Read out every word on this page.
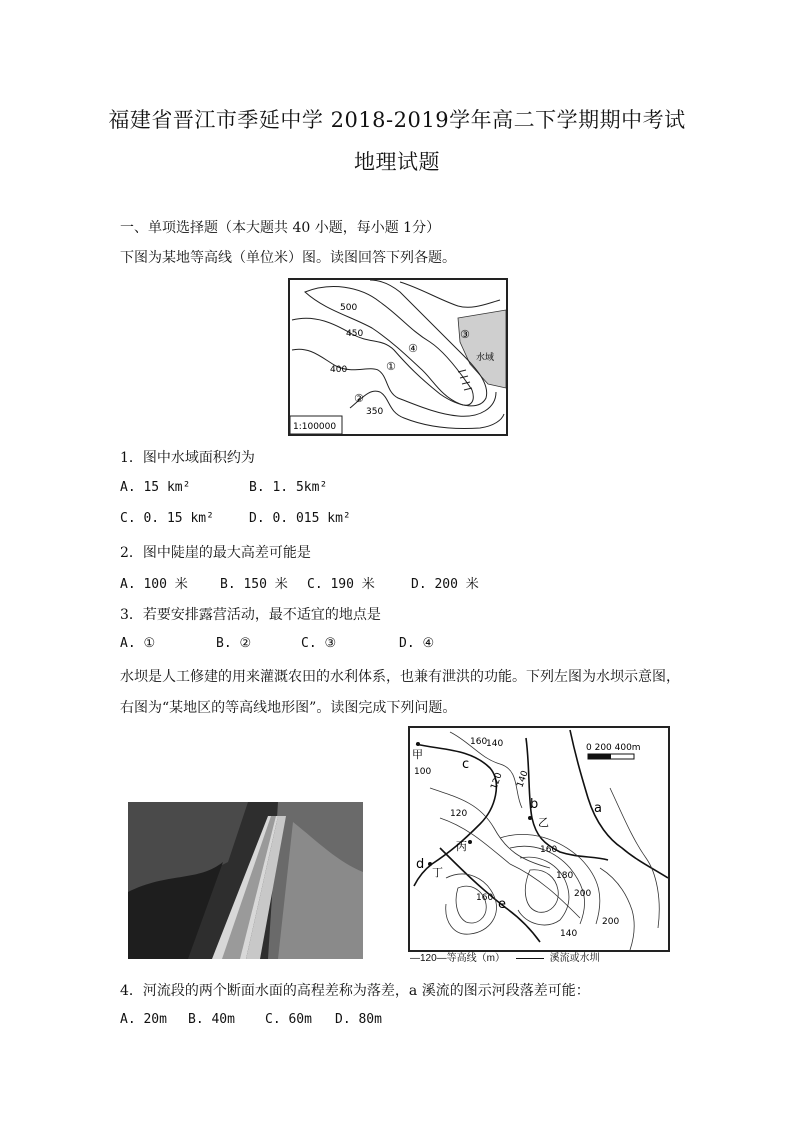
福建省晋江市季延中学 2018-2019学年高二下学期期中考试
地理试题
一、单项选择题（本大题共 40 小题，每小题 1分）
下图为某地等高线（单位米）图。读图回答下列各题。
500
450
400
350
①
②
③
④
水域
1:100000
1．图中水域面积约为
A. 15 km²	B. 1. 5km²
C. 0. 15 km²	D. 0. 015 km²
2．图中陡崖的最大高差可能是
A. 100 米 B. 150 米 C. 190 米	D. 200 米
3．若要安排露营活动，最不适宜的地点是
A. ①	B. ②	C. ③	D. ④
水坝是人工修建的用来灌溉农田的水利体系，也兼有泄洪的功能。下列左图为水坝示意图，
右图为“某地区的等高线地形图”。读图完成下列问题。
0 200 400m
甲
乙
丙
丁
a
b
c
d
e
100
120
120
140
140
160
160
160
180
200
200
140
—120—等高线（m）	溪流或水圳
4．河流段的两个断面水面的高程差称为落差，a 溪流的图示河段落差可能：
A. 20m B. 40m C. 60m D. 80m
